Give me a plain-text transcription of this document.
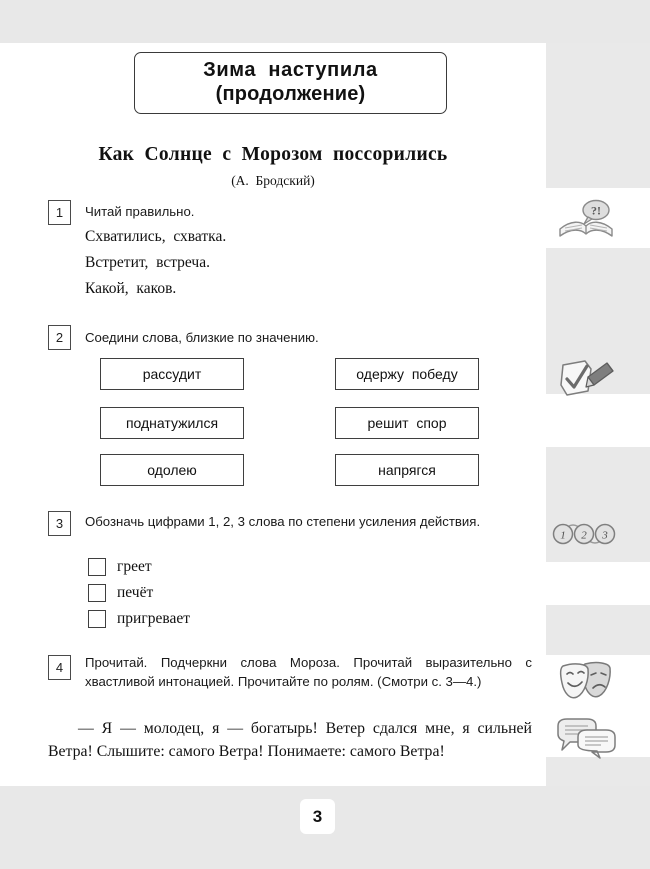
?!
1 2 3
Зима  наступила
(продолжение)
Как  Солнце  с  Морозом  поссорились
(А.  Бродский)
1	Читай правильно.
Схватились,  схватка.
Встретит,  встреча.
Какой,  каков.
2	Соедини слова, близкие по значению.
рассудит
поднатужился
одолею
одержу  победу
решит  спор
напрягся
3	Обозначь цифрами 1, 2, 3 слова по степени усиления действия.
греет
печёт
пригревает
4	Прочитай. Подчеркни слова Мороза. Прочитай выразительно с хвастливой интонацией. Прочитайте по ролям. (Смотри с. 3—4.)
— Я — молодец, я — богатырь! Ветер сдался мне, я сильней Ветра! Слышите: самого Ветра! Понимаете: самого Ветра!
3
